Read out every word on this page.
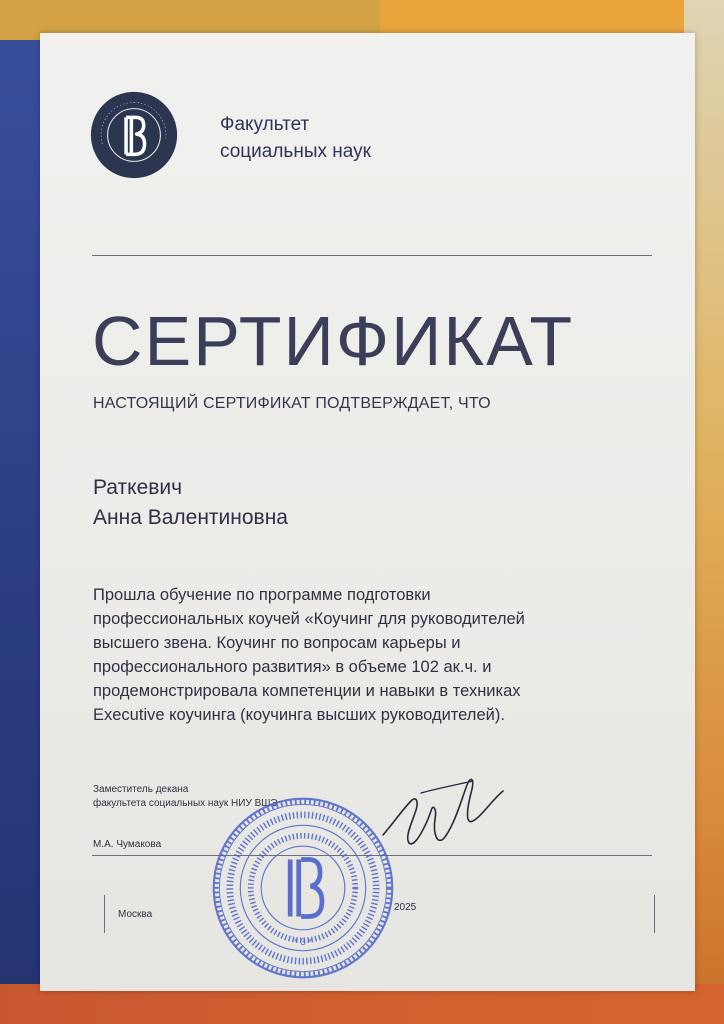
Факультет
социальных наук
СЕРТИФИКАТ
НАСТОЯЩИЙ СЕРТИФИКАТ ПОДТВЕРЖДАЕТ, ЧТО
Раткевич
Анна Валентиновна
Прошла обучение по программе подготовки
профессиональных коучей «Коучинг для руководителей
высшего звена. Коучинг по вопросам карьеры и
профессионального развития» в объеме 102 ак.ч. и
продемонстрировала компетенции и навыки в техниках
Executive коучинга (коучинга высших руководителей).
Заместитель декана
факультета социальных наук НИУ ВШЭ
М.А. Чумакова
Москва
2025
* 3 *
